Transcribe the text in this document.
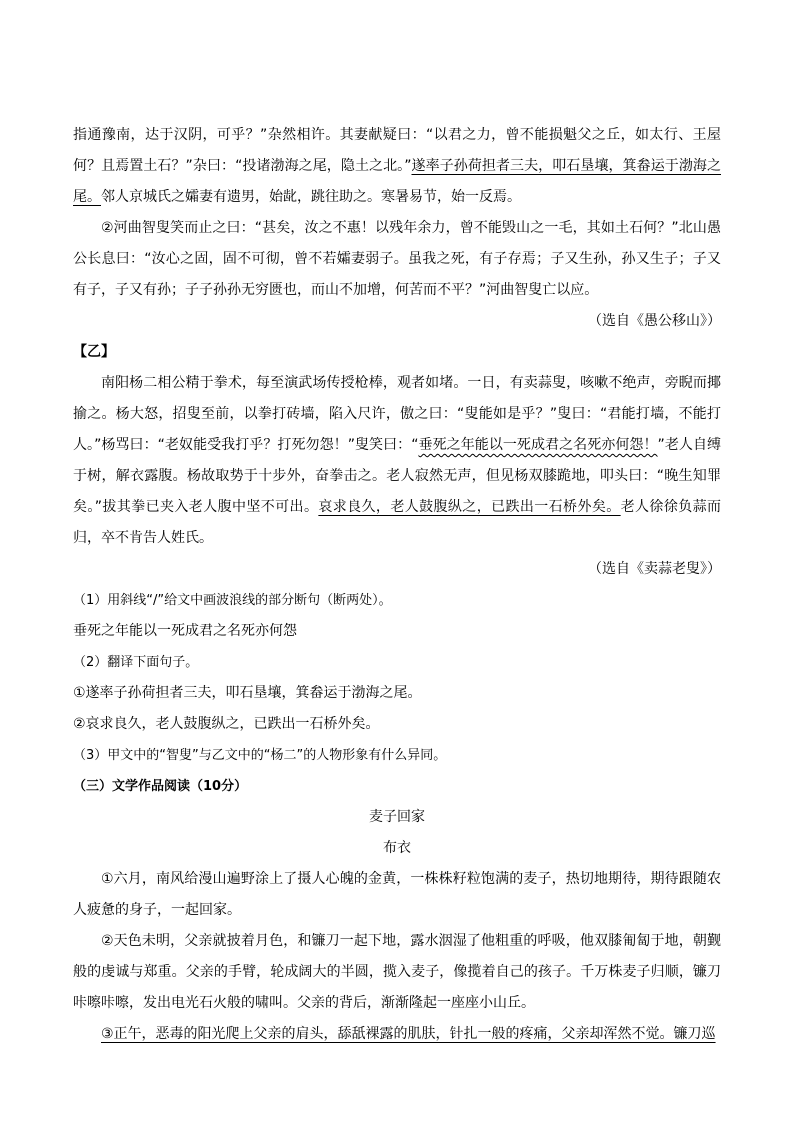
指通豫南，达于汉阴，可乎？”杂然相许。其妻献疑曰：“以君之力，曾不能损魁父之丘，如太行、王屋何？且焉置土石？”杂曰：“投诸渤海之尾，隐土之北。”遂率子孙荷担者三夫，叩石垦壤，箕畚运于渤海之尾。邻人京城氏之孀妻有遗男，始龀，跳往助之。寒暑易节，始一反焉。

②河曲智叟笑而止之曰：“甚矣，汝之不惠！以残年余力，曾不能毁山之一毛，其如土石何？”北山愚公长息曰：“汝心之固，固不可彻，曾不若孀妻弱子。虽我之死，有子存焉；子又生孙，孙又生子；子又有子，子又有孙；子子孙孙无穷匮也，而山不加增，何苦而不平？”河曲智叟亡以应。

（选自《愚公移山》）

【乙】

南阳杨二相公精于拳术，每至演武场传授枪棒，观者如堵。一日，有卖蒜叟，咳嗽不绝声，旁睨而揶揄之。杨大怒，招叟至前，以拳打砖墙，陷入尺许，傲之曰：“叟能如是乎？”叟曰：“君能打墙，不能打人。”杨骂曰：“老奴能受我打乎？打死勿怨！”叟笑曰：“垂死之年能以一死成君之名死亦何怨！”老人自缚于树，解衣露腹。杨故取势于十步外，奋拳击之。老人寂然无声，但见杨双膝跪地，叩头曰：“晚生知罪矣。”拔其拳已夹入老人腹中坚不可出。哀求良久，老人鼓腹纵之，已跌出一石桥外矣。老人徐徐负蒜而归，卒不肯告人姓氏。

（选自《卖蒜老叟》）

（1）用斜线“/”给文中画波浪线的部分断句（断两处）。

垂死之年能以一死成君之名死亦何怨

（2）翻译下面句子。

①遂率子孙荷担者三夫，叩石垦壤，箕畚运于渤海之尾。

②哀求良久，老人鼓腹纵之，已跌出一石桥外矣。

（3）甲文中的“智叟”与乙文中的“杨二”的人物形象有什么异同。

（三）文学作品阅读（10分）

麦子回家

布衣

①六月，南风给漫山遍野涂上了摄人心魄的金黄，一株株籽粒饱满的麦子，热切地期待，期待跟随农人疲惫的身子，一起回家。

②天色未明，父亲就披着月色，和镰刀一起下地，露水洇湿了他粗重的呼吸，他双膝匍匐于地，朝觐般的虔诚与郑重。父亲的手臂，轮成阔大的半圆，揽入麦子，像揽着自己的孩子。千万株麦子归顺，镰刀咔嚓咔嚓，发出电光石火般的啸叫。父亲的背后，渐渐隆起一座座小山丘。

③正午，恶毒的阳光爬上父亲的肩头，舔舐裸露的肌肤，针扎一般的疼痛，父亲却浑然不觉。镰刀巡
